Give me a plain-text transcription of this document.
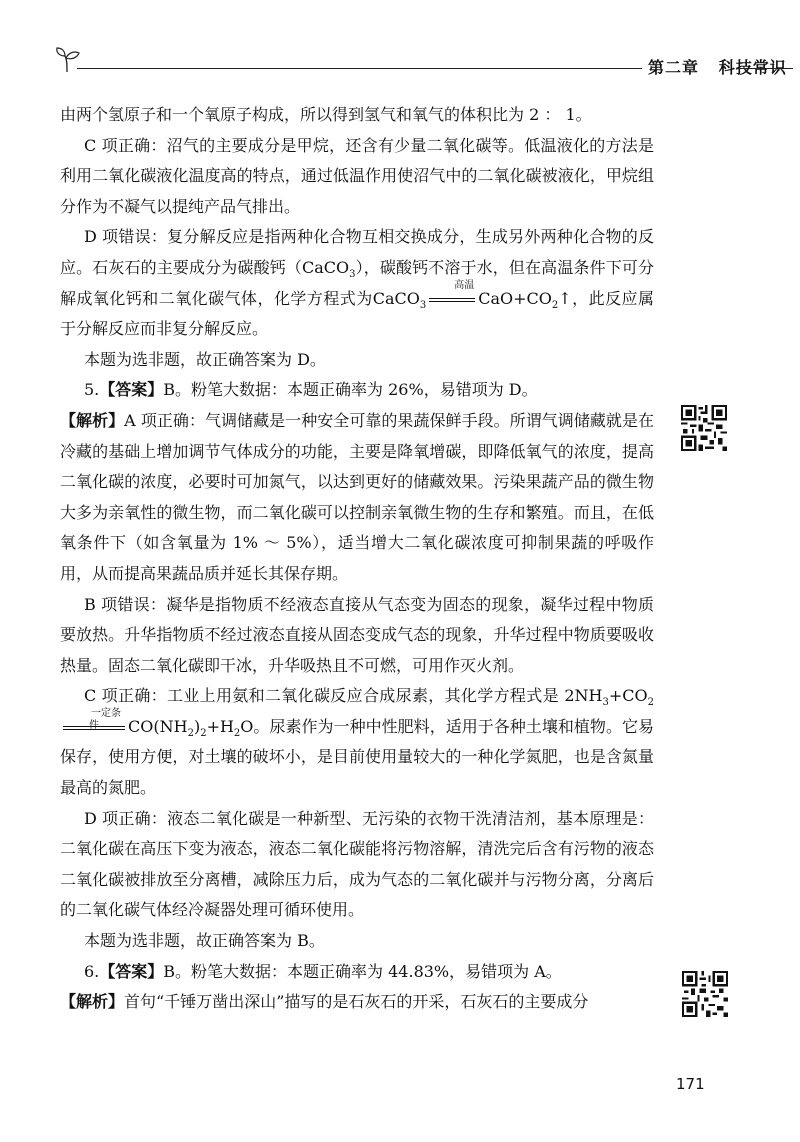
第二章 科技常识

由两个氢原子和一个氧原子构成，所以得到氢气和氧气的体积比为 2 ： 1。

C 项正确：沼气的主要成分是甲烷，还含有少量二氧化碳等。低温液化的方法是利用二氧化碳液化温度高的特点，通过低温作用使沼气中的二氧化碳被液化，甲烷组分作为不凝气以提纯产品气排出。

D 项错误：复分解反应是指两种化合物互相交换成分，生成另外两种化合物的反应。石灰石的主要成分为碳酸钙（CaCO$_3$），碳酸钙不溶于水，但在高温条件下可分解成氧化钙和二氧化碳气体，化学方程式为CaCO$_3$
高温
$CaO+CO_2↑$，此反应属于分解反应而非复分解反应。

本题为选非题，故正确答案为 D。

5.【答案】B。粉笔大数据：本题正确率为 26%，易错项为 D。

【解析】A 项正确：气调储藏是一种安全可靠的果蔬保鲜手段。所谓气调储藏就是在冷藏的基础上增加调节气体成分的功能，主要是降氧增碳，即降低氧气的浓度，提高二氧化碳的浓度，必要时可加氮气，以达到更好的储藏效果。污染果蔬产品的微生物大多为亲氧性的微生物，而二氧化碳可以控制亲氧微生物的生存和繁殖。而且，在低氧条件下（如含氧量为 1% ～ 5%），适当增大二氧化碳浓度可抑制果蔬的呼吸作用，从而提高果蔬品质并延长其保存期。

B 项错误：凝华是指物质不经液态直接从气态变为固态的现象，凝华过程中物质要放热。升华指物质不经过液态直接从固态变成气态的现象，升华过程中物质要吸收热量。固态二氧化碳即干冰，升华吸热且不可燃，可用作灭火剂。

C 项正确：工业上用氨和二氧化碳反应合成尿素，其化学方程式是 $2NH_3+CO_2$
一定条件	$CO(NH_2)_2+H_2O$。尿素作为一种中性肥料，适用于各种土壤和植物。它易保存，使用方便，对土壤的破坏小，是目前使用量较大的一种化学氮肥，也是含氮量最高的氮肥。

D 项正确：液态二氧化碳是一种新型、无污染的衣物干洗清洁剂，基本原理是：二氧化碳在高压下变为液态，液态二氧化碳能将污物溶解，清洗完后含有污物的液态二氧化碳被排放至分离槽，减除压力后，成为气态的二氧化碳并与污物分离，分离后的二氧化碳气体经冷凝器处理可循环使用。

本题为选非题，故正确答案为 B。

6.【答案】B。粉笔大数据：本题正确率为 44.83%，易错项为 A。

【解析】首句“千锤万凿出深山”描写的是石灰石的开采，石灰石的主要成分

171
